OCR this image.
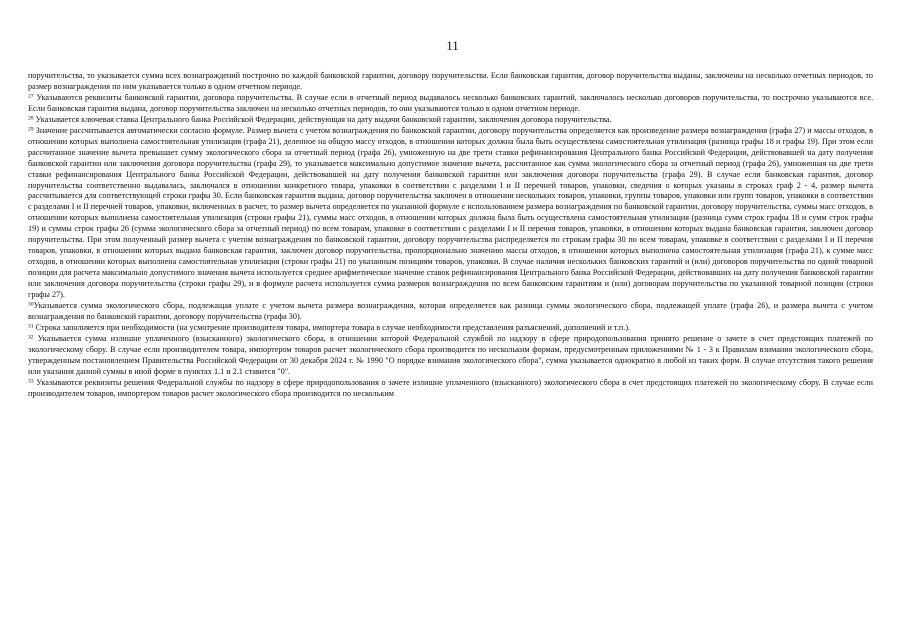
11

поручительства, то указывается сумма всех вознаграждений построчно по каждой банковской гарантии, договору поручительства. Если банковская гарантия, договор поручительства выданы, заключены на несколько отчетных периодов, то размер вознаграждения по ним указывается только в одном отчетном периоде.

$^{27}$ Указываются реквизиты банковской гарантии, договора поручительства. В случае если в отчетный период выдавалось несколько банковских гарантий, заключалось несколько договоров поручительства, то построчно указываются все. Если банковская гарантия выдана, договор поручительства заключен на несколько отчетных периодов, то они указываются только в одном отчетном периоде.

$^{28}$ Указывается ключевая ставка Центрального банка Российской Федерации, действующая на дату выдачи банковской гарантии, заключения договора поручительства.

$^{29}$ Значение рассчитывается автоматически согласно формуле. Размер вычета с учетом вознаграждения по банковской гарантии, договору поручительства определяется как произведение размера вознаграждения (графа 27) и массы отходов, в отношении которых выполнена самостоятельная утилизация (графа 21), деленное на общую массу отходов, в отношении которых должна была быть осуществлена самостоятельная утилизация (разница графы 18 и графы 19). При этом если рассчитанное значение вычета превышает сумму экологического сбора за отчетный период (графа 26), умноженную на две трети ставки рефинансирования Центрального банка Российской Федерации, действовавшей на дату получения банковской гарантии или заключения договора поручительства (графа 29), то указывается максимально допустимое значение вычета, рассчитанное как сумма экологического сбора за отчетный период (графа 26), умноженная на две трети ставки рефинансирования Центрального банка Российской Федерации, действовавшей на дату получения банковской гарантии или заключения договора поручительства (графа 29). В случае если банковская гарантия, договор поручительства соответственно выдавалась, заключался в отношении конкретного товара, упаковки в соответствии с разделами I и II перечней товаров, упаковки, сведения о которых указаны в строках граф 2 - 4, размер вычета рассчитывается для соответствующей строки графы 30. Если банковская гарантия выдана, договор поручительства заключен в отношении нескольких товаров, упаковки, группы товаров, упаковки или групп товаров, упаковки в соответствии с разделами I и II перечней товаров, упаковки, включенных в расчет, то размер вычета определяется по указанной формуле с использованием размера вознаграждения по банковской гарантии, договору поручительства, суммы масс отходов, в отношении которых выполнена самостоятельная утилизация (строки графы 21), суммы масс отходов, в отношении которых должна была быть осуществлена самостоятельная утилизация (разница сумм строк графы 18 и сумм строк графы 19) и суммы строк графы 26 (сумма экологического сбора за отчетный период) по всем товарам, упаковке в соответствии с разделами I и II перечня товаров, упаковки, в отношении которых выдана банковская гарантия, заключен договор поручительства. При этом полученный размер вычета с учетом вознаграждения по банковской гарантии, договору поручительства распределяется по строкам графы 30 по всем товарам, упаковке в соответствии с разделами I и II перечня товаров, упаковки, в отношении которых выдана банковская гарантия, заключен договор поручительства, пропорционально значению массы отходов, в отношении которых выполнена самостоятельная утилизация (графа 21), к сумме масс отходов, в отношении которых выполнена самостоятельная утилизация (строки графы 21) по указанным позициям товаров, упаковки. В случае наличия нескольких банковских гарантий и (или) договоров поручительства по одной товарной позиции для расчета максимально допустимого значения вычета используется среднее арифметическое значение ставок рефинансирования Центрального банка Российской Федерации, действовавших на дату получения банковской гарантии или заключения договора поручительства (строки графы 29), и в формуле расчета используется сумма размеров вознаграждения по всем банковским гарантиям и (или) договорам поручительства по указанной товарной позиции (строки графы 27).

$^{30}$Указывается сумма экологического сбора, подлежащая уплате с учетом вычета размера вознаграждения, которая определяется как разница суммы экологического сбора, подлежащей уплате (графа 26), и размера вычета с учетом вознаграждения по банковской гарантии, договору поручительства (графа 30).

$^{31}$ Строка заполняется при необходимости (на усмотрение производителя товара, импортера товара в случае необходимости представления разъяснений, дополнений и т.п.).

$^{32}$ Указывается сумма излишне уплаченного (взысканного) экологического сбора, в отношении которой Федеральной службой по надзору в сфере природопользования принято решение о зачете в счет предстоящих платежей по экологическому сбору. В случае если производителем товара, импортером товаров расчет экологического сбора производится по нескольким формам, предусмотренным приложениями № 1 - 3 к Правилам взимания экологического сбора, утвержденным постановлением Правительства Российской Федерации от 30 декабря 2024 г. № 1990 "О порядке взимания экологического сбора", сумма указывается однократно в любой из таких форм. В случае отсутствия такого решения или указания данной суммы в иной форме в пунктах 1.1 и 2.1 ставится "0".

$^{33}$ Указываются реквизиты решения Федеральной службы по надзору в сфере природопользования о зачете излишне уплаченного (взысканного) экологического сбора в счет предстоящих платежей по экологическому сбору. В случае если производителем товаров, импортером товаров расчет экологического сбора производится по нескольким
